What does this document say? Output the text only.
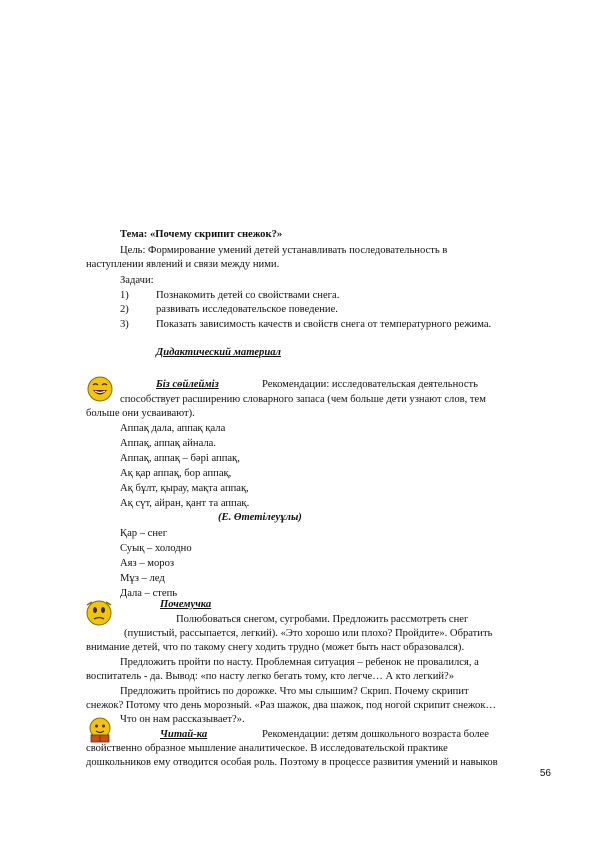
Тема: «Почему скрипит снежок?»
Цель: Формирование умений детей устанавливать последовательность в
наступлении явлений и связи между ними.
Задачи:
1)	Познакомить детей со свойствами снега.
2)	развивать исследовательское поведение.
3)	Показать зависимость качеств и свойств снега от температурного режима.
Дидактический материал
Біз сөйлейміз	Рекомендации: исследовательская деятельность
способствует расширению словарного запаса (чем больше дети узнают слов, тем
больше они усваивают).
Аппақ дала, аппақ қала
Аппақ, аппақ айнала.
Аппақ, аппақ – бәрі аппақ,
Ақ қар аппақ, бор аппақ,
Ақ бұлт, қырау, мақта аппақ,
Ақ сүт, айран, қант та аппақ.
(Е. Өтетілеуұлы)
Қар – снег
Суық – холодно
Аяз – мороз
Мұз – лед
Дала – степь
Почемучка
Полюбоваться снегом, сугробами. Предложить рассмотреть снег
(пушистый, рассыпается, легкий). «Это хорошо или плохо? Пройдите». Обратить
внимание детей, что по такому снегу ходить трудно (может быть наст образовался).
Предложить пройти по насту. Проблемная ситуация – ребенок не провалился, а
воспитатель - да. Вывод: «по насту легко бегать тому, кто легче… А кто легкий?»
Предложить пройтись по дорожке. Что мы слышим? Скрип. Почему скрипит
снежок? Потому что день морозный. «Раз шажок, два шажок, под ногой скрипит снежок…
Что он нам рассказывает?».
Читай-ка	Рекомендации: детям дошкольного возраста более
свойственно образное мышление аналитическое. В исследовательской практике
дошкольников ему отводится особая роль. Поэтому в процессе развития умений и навыков
56
